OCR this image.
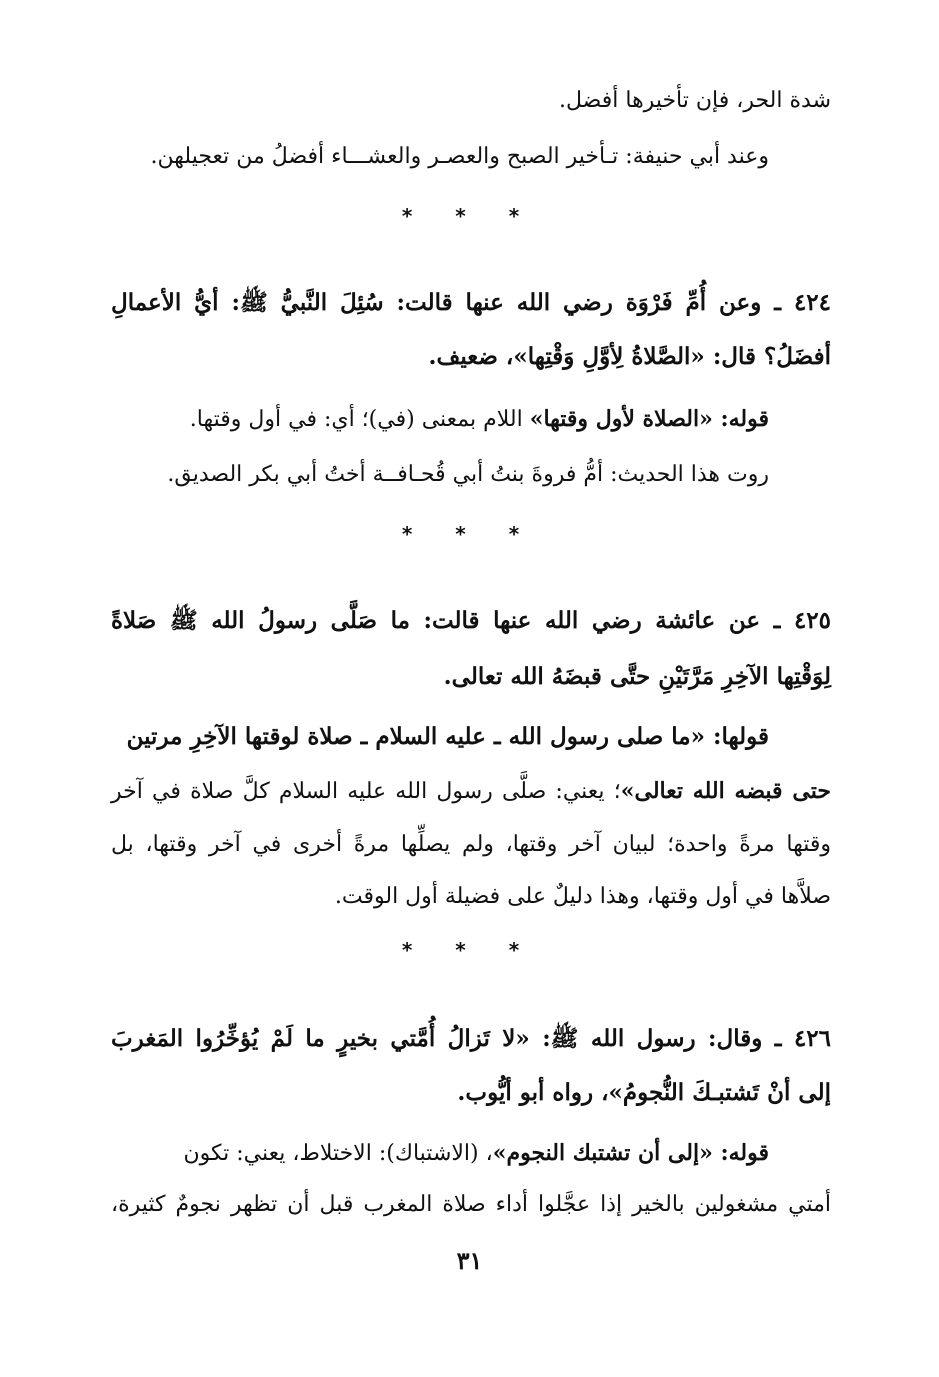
شدة الحر، فإن تأخيرها أفضل.
وعند أبي حنيفة: تـأخير الصبح والعصـر والعشـــاء أفضلُ من تعجيلهن.
* * *
٤٢٤ ـ وعن أُمِّ فَرْوَة رضي الله عنها قالت: سُئِلَ النَّبيُّ ﷺ: أيُّ الأعمالِ
أفضَلُ؟ قال: «الصَّلاةُ لِأوَّلِ وَقْتِها»، ضعيف.
قوله: «الصلاة لأول وقتها» اللام بمعنى (في)؛ أي: في أول وقتها.
روت هذا الحديث: أمُّ فروةَ بنتُ أبي قُحـافــة أختُ أبي بكر الصديق.
* * *
٤٢٥ ـ عن عائشة رضي الله عنها قالت: ما صَلَّى رسولُ الله ﷺ صَلاةً
لِوَقْتِها الآخِرِ مَرَّتَيْنِ حتَّى قبضَهُ الله تعالى.
قولها: «ما صلى رسول الله ـ عليه السلام ـ صلاة لوقتها الآخِرِ مرتين
حتى قبضه الله تعالى»؛ يعني: صلَّى رسول الله عليه السلام كلَّ صلاة في آخر
وقتها مرةً واحدة؛ لبيان آخر وقتها، ولم يصلِّها مرةً أخرى في آخر وقتها، بل
صلاَّها في أول وقتها، وهذا دليلٌ على فضيلة أول الوقت.
* * *
٤٢٦ ـ وقال: رسول الله ﷺ: «لا تَزالُ أُمَّتي بخيرٍ ما لَمْ يُؤخِّرُوا المَغربَ
إلى أنْ تَشتبـكَ النُّجومُ»، رواه أبو أيُّوب.
قوله: «إلى أن تشتبك النجوم»، (الاشتباك): الاختلاط، يعني: تكون
أمتي مشغولين بالخير إذا عجَّلوا أداء صلاة المغرب قبل أن تظهر نجومٌ كثيرة،
٣١
